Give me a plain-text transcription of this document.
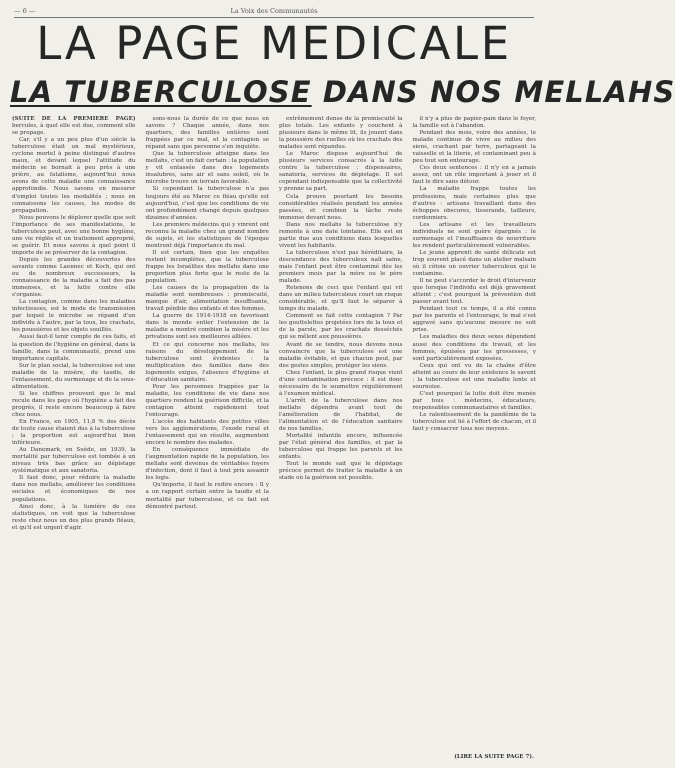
— 6 —	La Voix des Communautés
LA PAGE MEDICALE
LA TUBERCULOSE DANS NOS MELLAHS

(SUITE DE LA PREMIERE PAGE) bercules, à quel elle est due, comment elle se propage.

Car, s'il y a un peu plus d'un siècle la tuberculose était un mal mystérieux, cyclone mortel à peine distingué d'autres maux, et devant lequel l'attitude du médecin se bornait à peu près à une prière, au fatalisme, aujourd'hui nous avons de cette maladie une connaissance approfondie. Nous savons en mesurer d'emploi toutes les modalités ; nous en connaissons les causes, les modes de propagation.

Nous pouvons le déplorer quelle que soit l'importance de ses manifestations, le tuberculeux peut, avec une bonne hygiène, une vie réglée et un traitement approprié, se guérir. Et nous savons à quel point il importe de se préserver de la contagion.

Depuis les grandes découvertes des savants comme Laennec et Koch, qui ont eu de nombreux successeurs, la connaissance de la maladie a fait des pas immenses, et la lutte contre elle s'organise.

La contagion, comme dans les maladies infectieuses, est le mode de transmission par lequel le microbe se répand d'un individu à l'autre, par la toux, les crachats, les poussières et les objets souillés.

Aussi faut-il tenir compte de ces faits, et la question de l'hygiène en général, dans la famille, dans la communauté, prend une importance capitale.

Sur le plan social, la tuberculose est une maladie de la misère, du taudis, de l'entassement, du surmenage et de la sous-alimentation.

Si les chiffres prouvent que le mal recule dans les pays où l'hygiène a fait des progrès, il reste encore beaucoup à faire chez nous.

En France, en 1905, 11,8 % des décès de toute cause étaient dus à la tuberculose ; la proportion est aujourd'hui bien inférieure.

Au Danemark, en Suède, en 1939, la mortalité par tuberculose est tombée à un niveau très bas grâce au dépistage systématique et aux sanatoria.

Il faut donc, pour réduire la maladie dans nos mellahs, améliorer les conditions sociales et économiques de nos populations.

Ainsi donc, à la lumière de ces statistiques, on voit que la tuberculose reste chez nous un des plus grands fléaux, et qu'il est urgent d'agir.

sons-nous la durée de ce que nous en savons ? Chaque année, dans nos quartiers, des familles entières sont frappées par ce mal, et la contagion se répand sans que personne s'en inquiète.

Que la tuberculose atteigne dans les mellahs, c'est un fait certain : la population y vit entassée dans des logements insalubres, sans air et sans soleil, où le microbe trouve un terrain favorable.

Si cependant la tuberculose n'a pas toujours été au Maroc ce fléau qu'elle est aujourd'hui, c'est que les conditions de vie ont profondément changé depuis quelques dizaines d'années.

Les premiers médecins qui y vinrent ont reconnu la maladie chez un grand nombre de sujets, et les statistiques de l'époque montrent déjà l'importance du mal.

Il est certain, bien que les enquêtes restent incomplètes, que la tuberculose frappe les Israélites des mellahs dans une proportion plus forte que le reste de la population.

Les causes de la propagation de la maladie sont nombreuses : promiscuité, manque d'air, alimentation insuffisante, travail pénible des enfants et des femmes.

La guerre de 1914-1918 en favorisant dans le monde entier l'extension de la maladie a montré combien la misère et les privations sont ses meilleures alliées.

Et ce qui concerne nos mellahs, les raisons du développement de la tuberculose sont évidentes : la multiplication des familles dans des logements exigus, l'absence d'hygiène et d'éducation sanitaire.

Pour les personnes frappées par la maladie, les conditions de vie dans nos quartiers rendent la guérison difficile, et la contagion atteint rapidement tout l'entourage.

L'accès des habitants des petites villes vers les agglomérations, l'exode rural et l'entassement qui en résulte, augmentent encore le nombre des malades.

En conséquence immédiate de l'augmentation rapide de la population, les mellahs sont devenus de véritables foyers d'infection, dont il faut à tout prix assainir les logis.

Qu'importe, il faut le redire encore : Il y a un rapport certain entre la taudis et la mortalité par tuberculose, et ce fait est démontré partout.

extrêmement dense de la promiscuité la plus totale. Les enfants y couchent à plusieurs dans le même lit, ils jouent dans la poussière des ruelles où les crachats des malades sont répandus.

Le Maroc dispose aujourd'hui de plusieurs services consacrés à la lutte contre la tuberculose : dispensaires, sanatoria, services de dépistage. Il est cependant indispensable que la collectivité y prenne sa part.

Cela prouve pourtant les besoins considérables réalisés pendant les années passées, et combien la tâche reste immense devant nous.

Dans nos mellahs la tuberculose n'y remonte à une date lointaine. Elle est en partie due aux conditions dans lesquelles vivent les habitants.

La tuberculose n'est pas héréditaire, la descendance des tuberculeux naît saine, mais l'enfant peut être contaminé dès les premiers mois par la mère ou le père malade.

Retenons de ceci que l'enfant qui vit dans un milieu tuberculeux court un risque considérable, et qu'il faut le séparer à temps du malade.

Comment se fait cette contagion ? Par les gouttelettes projetées lors de la toux et de la parole, par les crachats desséchés qui se mêlent aux poussières.

Avant de se tendre, nous devons nous convaincre que la tuberculose est une maladie évitable, et que chacun peut, par des gestes simples, protéger les siens.

Chez l'enfant, le plus grand risque vient d'une contamination précoce : il est donc nécessaire de le soumettre régulièrement à l'examen médical.

L'arrêt de la tuberculose dans nos mellahs dépendra avant tout de l'amélioration de l'habitat, de l'alimentation et de l'éducation sanitaire de nos familles.

Mortalité infantile encore, influencée par l'état général des familles, et par la tuberculose qui frappe les parents et les enfants.

Tout le monde sait que le dépistage précoce permet de traiter la maladie à un stade où la guérison est possible.

il n'y a plus de papier-pain dans le foyer, la famille est à l'abandon.

Pendant des mois, voire des années, le malade continue de vivre au milieu des siens, crachant par terre, partageant la vaisselle et la literie, et contaminant peu à peu tout son entourage.

Ces deux sentences : il n'y en a jamais assez, ont un rôle important à jouer et il faut le dire sans détour.

La maladie frappe toutes les professions, mais certaines plus que d'autres : artisans travaillant dans des échoppes obscures, tisserands, tailleurs, cordonniers.

Les artisans et les travailleurs individuels ne sont guère épargnés : le surmenage et l'insuffisance de nourriture les rendent particulièrement vulnérables.

Le jeune apprenti de santé délicate est trop souvent placé dans un atelier malsain où il côtoie un ouvrier tuberculeux qui le contamine.

Il ne peut s'accorder le droit d'intervenir que lorsque l'individu est déjà gravement atteint ; c'est pourquoi la prévention doit passer avant tout.

Pendant tout ce temps, il a été connu par les parents et l'entourage, le mal s'est aggravé sans qu'aucune mesure ne soit prise.

Les maladies des deux sexes dépendent aussi des conditions du travail, et les femmes, épuisées par les grossesses, y sont particulièrement exposées.

Ceux qui ont vu de la chaîne d'être atteint au cours de leur existence le savent : la tuberculose est une maladie lente et sournoise.

C'est pourquoi la lutte doit être menée par tous : médecins, éducateurs, responsables communautaires et familles.

Le ralentissement de la pandémie de la tuberculose est lié à l'effort de chacun, et il faut y consacrer tous nos moyens.

(LIRE LA SUITE PAGE 7).
